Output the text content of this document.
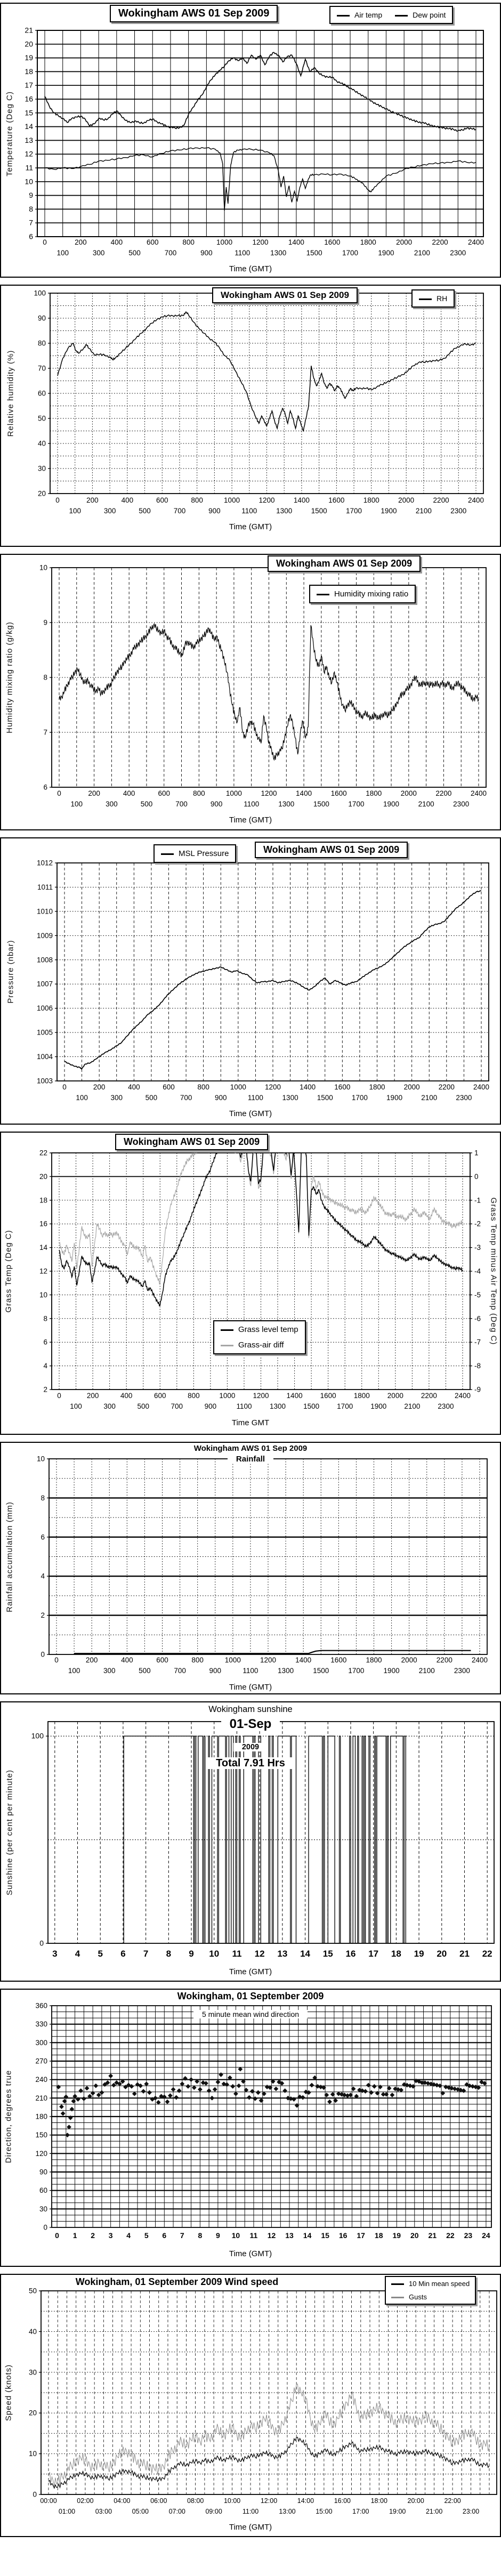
6
7
8
9
10
11
12
13
14
15
16
17
18
19
20
21
0	200	400	600	800	1000	1200	1400	1600	1800	2000	2200	2400
100	300	500	700	900	1100	1300	1500	1700	1900	2100	2300
Temperature (Deg C)
Time (GMT)
Wokingham AWS 01 Sep 2009	Air temp	Dew point
20
30
40
50
60
70
80
90
100
0	200	400	600	800	1000	1200	1400	1600	1800	2000	2200	2400
100	300	500	700	900	1100	1300	1500	1700	1900	2100	2300
Relative humidity (%)
Time (GMT)
Wokingham AWS 01 Sep 2009	RH
6
7
8
9
10
0	200	400	600	800	1000	1200	1400	1600	1800	2000	2200	2400
100	300	500	700	900	1100	1300	1500	1700	1900	2100	2300
Humidity mixing ratio (g/kg)
Time (GMT)
Wokingham AWS 01 Sep 2009
Humidity mixing ratio
1003
1004
1005
1006
1007
1008
1009
1010
1011
1012
0	200	400	600	800	1000	1200	1400	1600	1800	2000	2200	2400
100	300	500	700	900	1100	1300	1500	1700	1900	2100	2300
Pressure (nbar)
Time (GMT)
MSL Pressure	Wokingham AWS 01 Sep 2009
2
4
6
8
10
12
14
16
18
20
22	1
0
-1
-2
-3
-4
-5
-6
-7
-8
-9
0	200	400	600	800	1000 1200 1400 1600 1800 2000 2200 2400
100	300	500	700	900	1100 1300 1500 1700 1900 2100 2300
Grass Temp (Deg C)	Grass Temp minus Air Temp (Deg C)
Time GMT
Wokingham AWS 01 Sep 2009
Grass level temp
Grass-air diff
0
2
4
6
8
10
0	200	400	600	800	1000	1200	1400	1600	1800	2000	2200	2400
100	300	500	700	900	1100	1300	1500	1700	1900	2100	2300
Rainfall accumulation (mm)
Time (GMT)
Wokingham AWS 01 Sep 2009
Rainfall
0
100
3 4 5 6 7 8 9 10 11 12 13 14 15 16 17 18 19 20 21 22
Sunshine (per cent per minute)
Time (GMT)
Wokingham sunshine
01-Sep
2009
Total 7.91 Hrs
0
30
60
90
120
150
180
210
240
270
300
330
360
0 1 2 3 4 5 6 7 8 9 10 11 12 13 14 15 16 17 18 19 20 21 22 23 24
Direction, degrees true
Time (GMT)
Wokingham, 01 September 2009
5 minute mean wind direction
0
10
20
30
40
50
00:00	02:00	04:00	06:00	08:00	10:00	12:00	14:00	16:00	18:00	20:00	22:00
01:00	03:00	05:00	07:00	09:00	11:00	13:00	15:00	17:00	19:00	21:00	23:00
Speed (knots)
Time (GMT)
Wokingham, 01 September 2009 Wind speed	10 Min mean speed
Gusts
